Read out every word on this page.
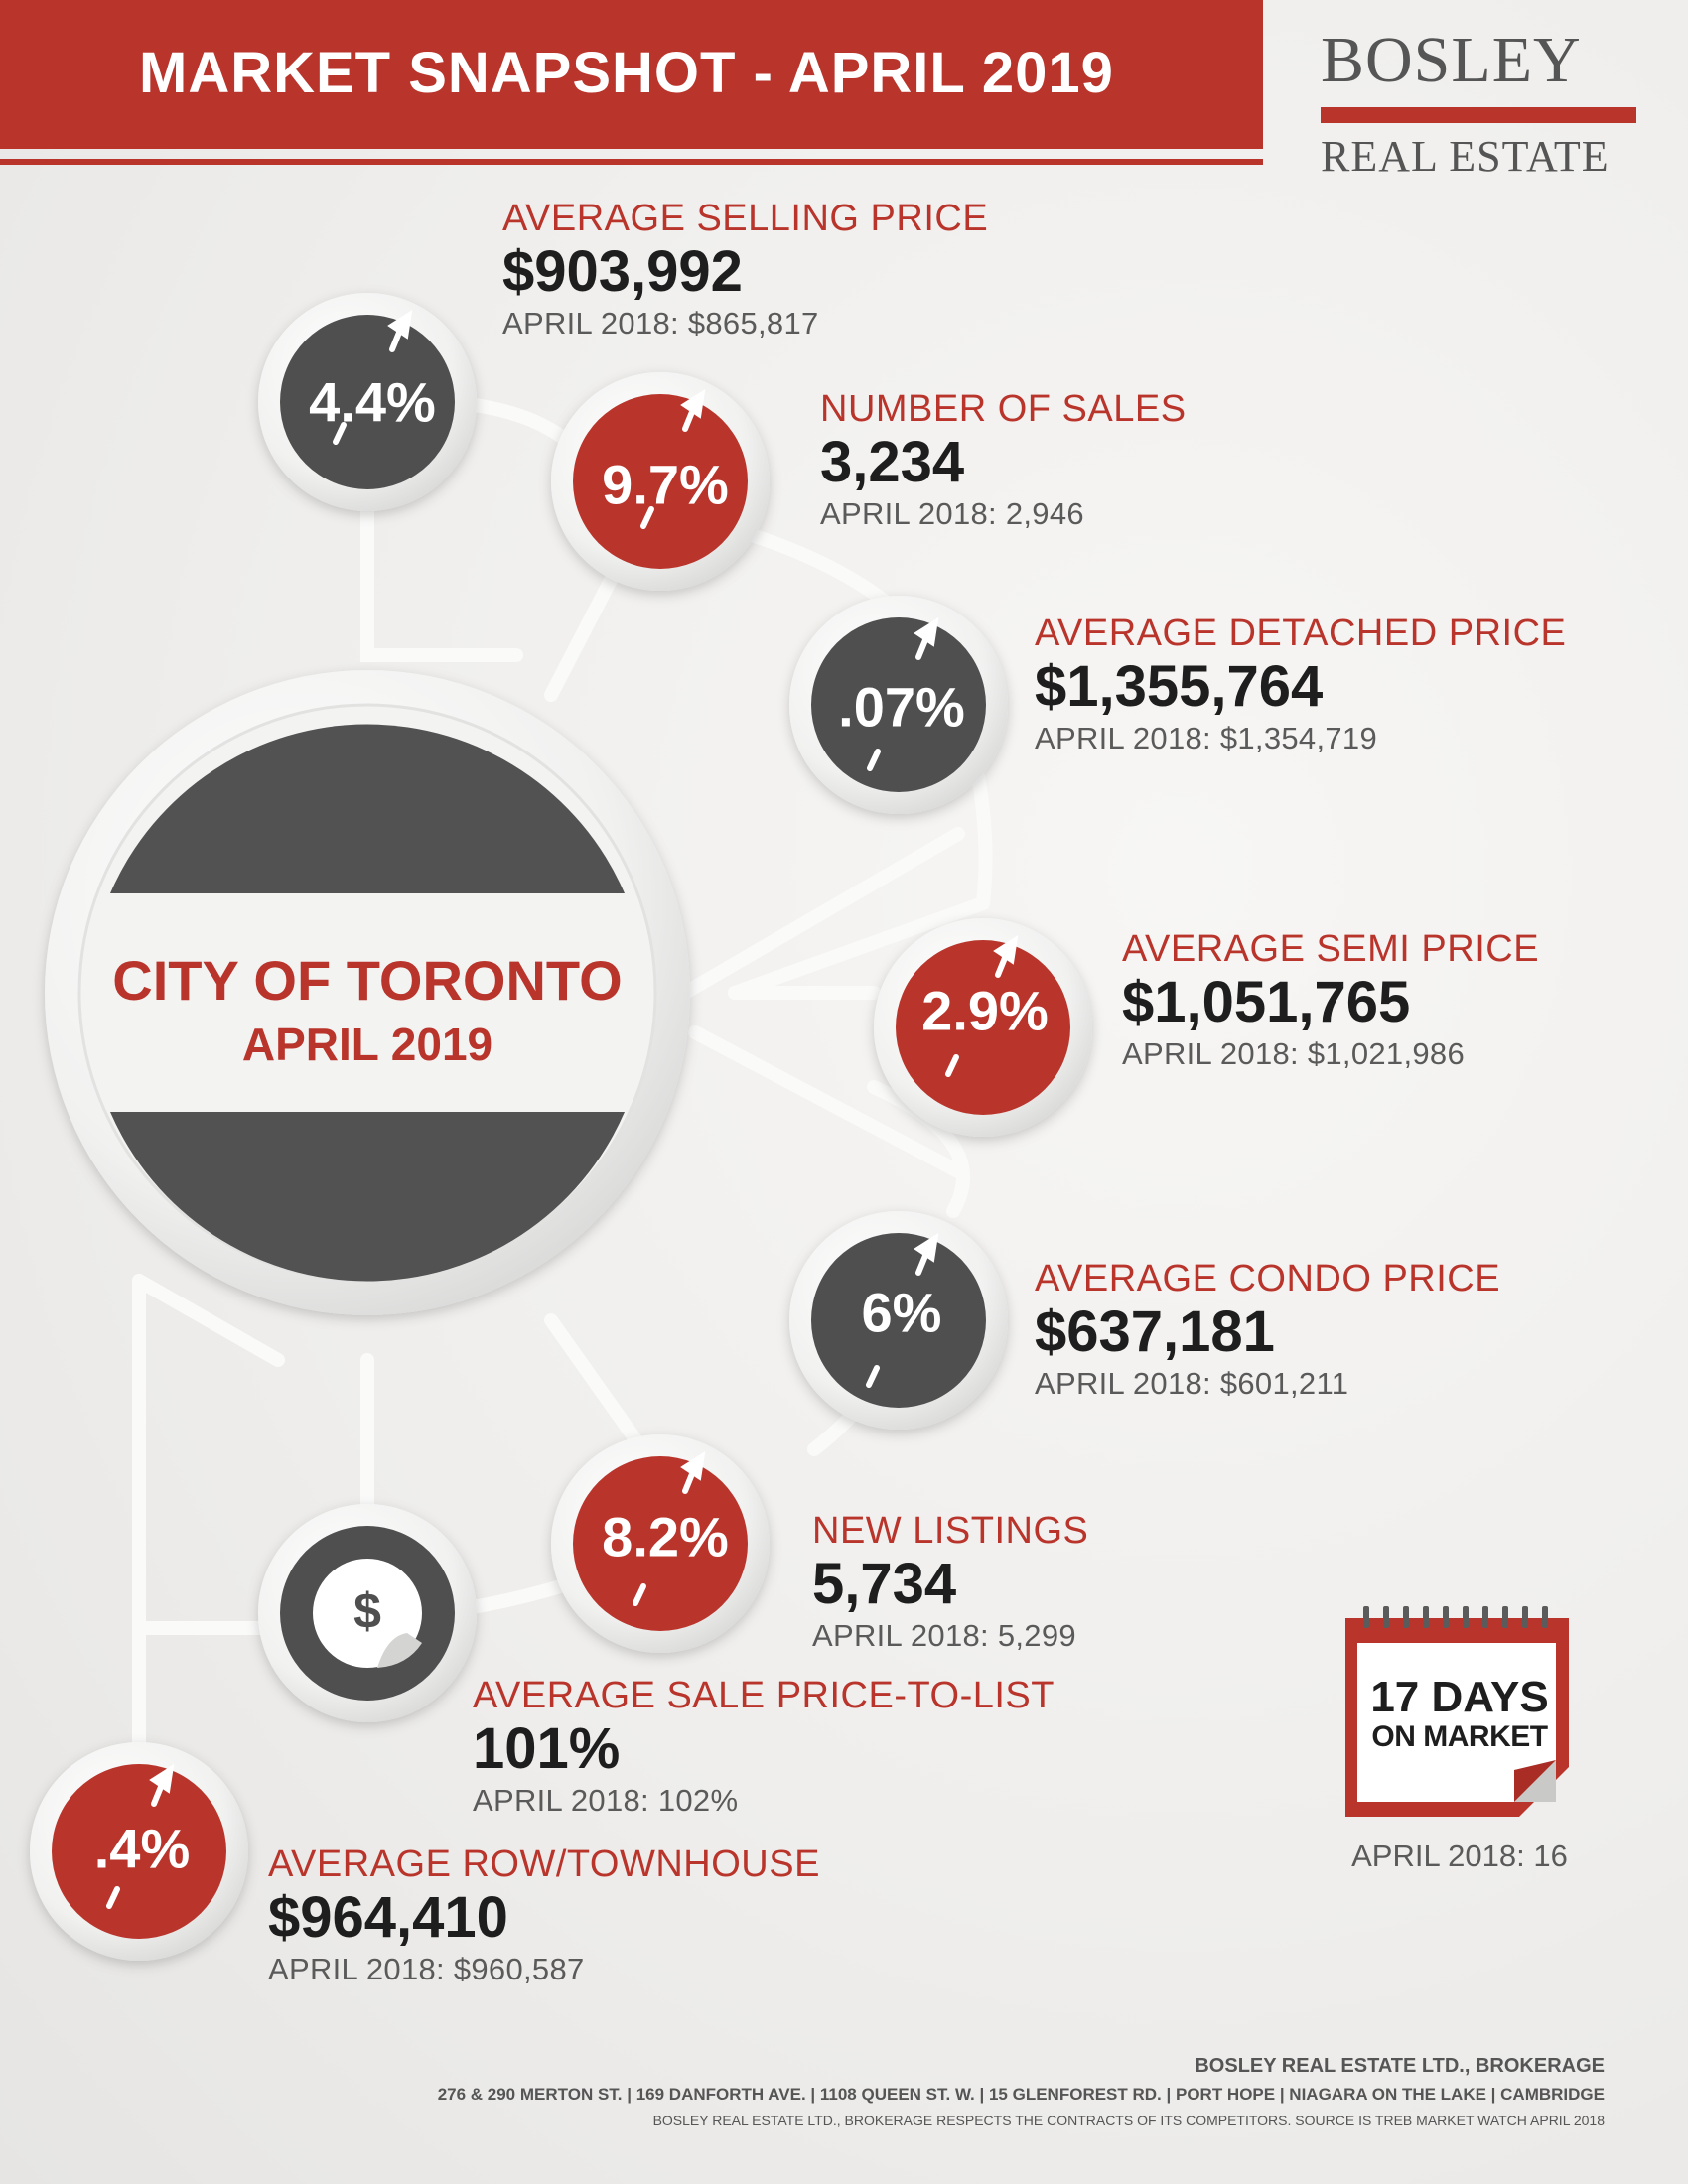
MARKET SNAPSHOT - APRIL 2019	BOSLEY
REAL ESTATE
$
CITY OF TORONTO
APRIL 2019
4.4%
9.7%
.07%
2.9%
6%
8.2%
.4%
AVERAGE SELLING PRICE
$903,992
APRIL 2018: $865,817
NUMBER OF SALES
3,234
APRIL 2018: 2,946
AVERAGE DETACHED PRICE
$1,355,764
APRIL 2018: $1,354,719
AVERAGE SEMI PRICE
$1,051,765
APRIL 2018: $1,021,986
AVERAGE CONDO PRICE
$637,181
APRIL 2018: $601,211
NEW LISTINGS
5,734
APRIL 2018: 5,299
AVERAGE SALE PRICE-TO-LIST
101%
APRIL 2018: 102%
AVERAGE ROW/TOWNHOUSE
$964,410
APRIL 2018: $960,587
17 DAYS
ON MARKET
APRIL 2018: 16
BOSLEY REAL ESTATE LTD., BROKERAGE
276 & 290 MERTON ST. | 169 DANFORTH AVE. | 1108 QUEEN ST. W. | 15 GLENFOREST RD. | PORT HOPE | NIAGARA ON THE LAKE | CAMBRIDGE
BOSLEY REAL ESTATE LTD., BROKERAGE RESPECTS THE CONTRACTS OF ITS COMPETITORS. SOURCE IS TREB MARKET WATCH APRIL 2018
